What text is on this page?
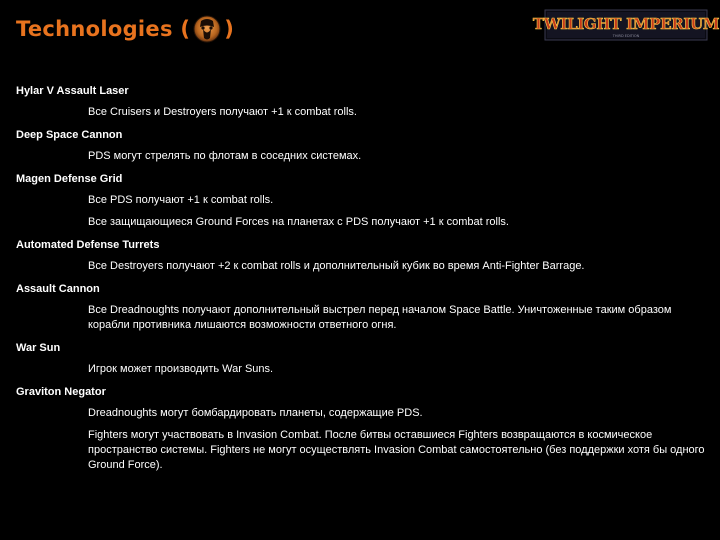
Technologies
( )	TWILIGHT IMPERIUM
THIRD EDITION
Hylar V Assault Laser
Все Cruisers и Destroyers получают +1 к combat rolls.
Deep Space Cannon
PDS могут стрелять по флотам в соседних системах.
Magen Defense Grid
Все PDS получают +1 к combat rolls.
Все защищающиеся Ground Forces на планетах с PDS получают +1 к combat rolls.
Automated Defense Turrets
Все Destroyers получают +2 к combat rolls и дополнительный кубик во время Anti-Fighter Barrage.
Assault Cannon
Все Dreadnoughts получают дополнительный выстрел перед началом Space Battle. Уничтоженные таким образом корабли противника лишаются возможности ответного огня.
War Sun
Игрок может производить War Suns.
Graviton Negator
Dreadnoughts могут бомбардировать планеты, содержащие PDS.
Fighters могут участвовать в Invasion Combat. После битвы оставшиеся Fighters возвращаются в космическое пространство системы. Fighters не могут осуществлять Invasion Combat самостоятельно (без поддержки хотя бы одного Ground Force).
